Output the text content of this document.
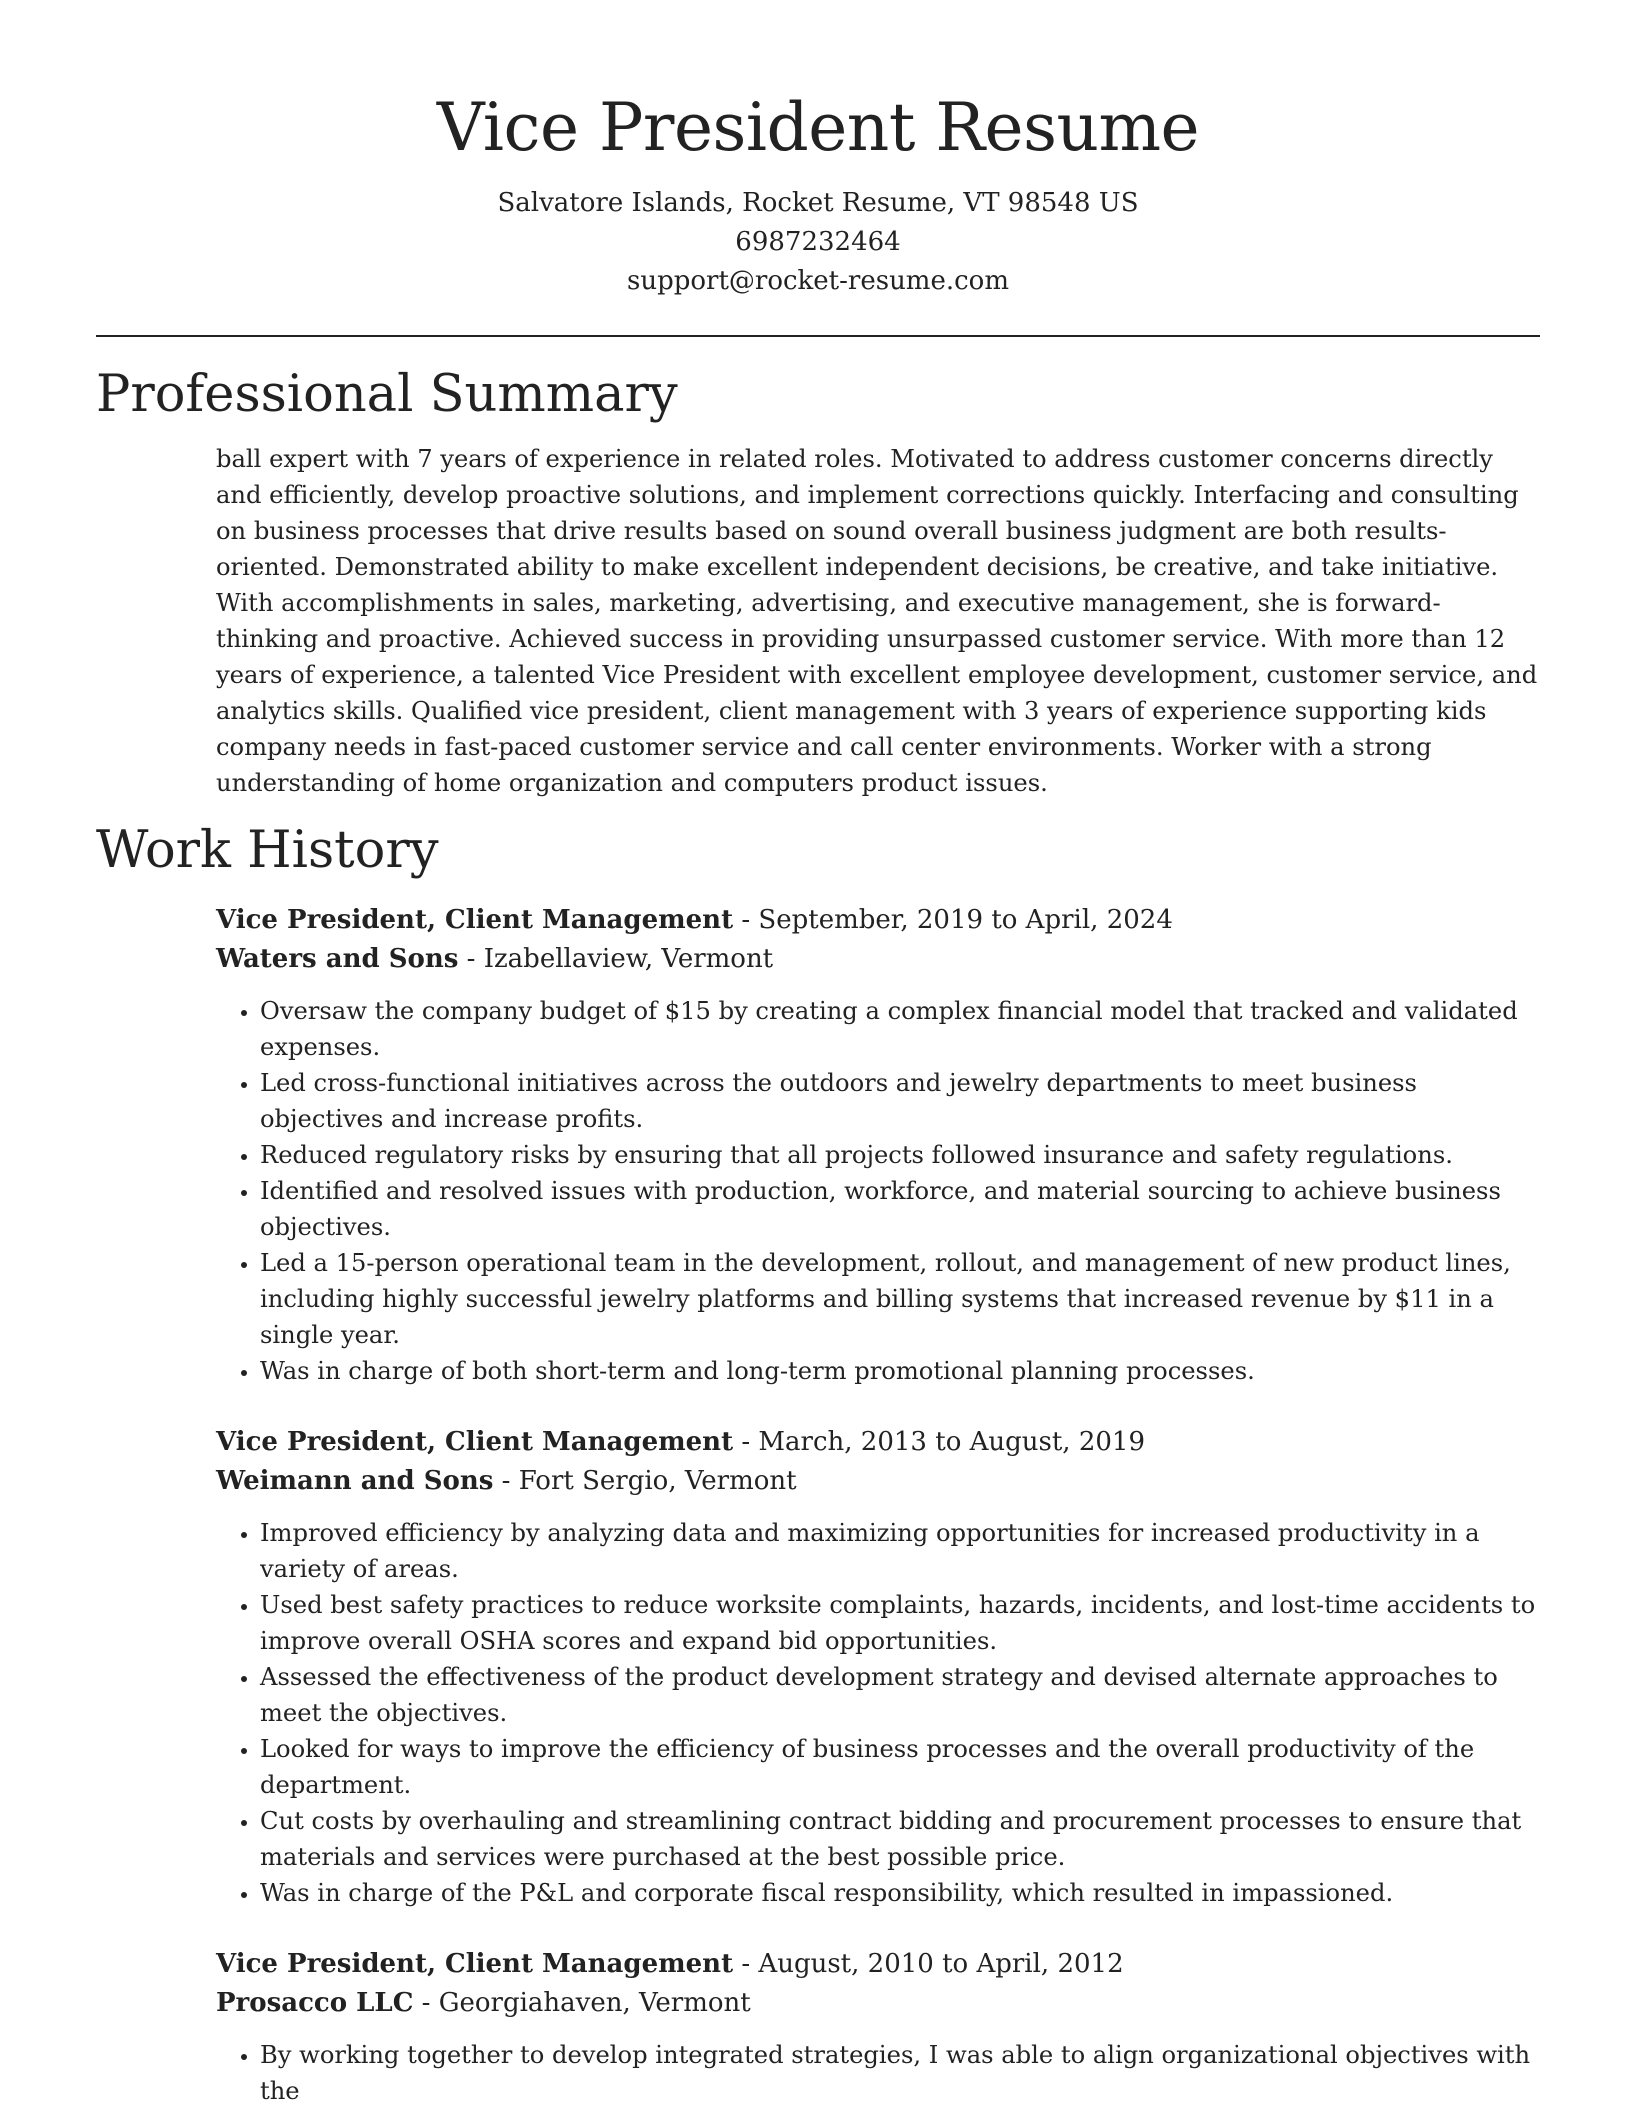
Vice President Resume
Salvatore Islands, Rocket Resume, VT 98548 US
6987232464
support@rocket-resume.com
Professional Summary

ball expert with 7 years of experience in related roles. Motivated to address customer concerns directly and efficiently, develop proactive solutions, and implement corrections quickly. Interfacing and consulting on business processes that drive results based on sound overall business judgment are both results-oriented. Demonstrated ability to make excellent independent decisions, be creative, and take initiative. With accomplishments in sales, marketing, advertising, and executive management, she is forward-thinking and proactive. Achieved success in providing unsurpassed customer service. With more than 12 years of experience, a talented Vice President with excellent employee development, customer service, and analytics skills. Qualified vice president, client management with 3 years of experience supporting kids company needs in fast-paced customer service and call center environments. Worker with a strong understanding of home organization and computers product issues.

Work History
Vice President, Client Management - September, 2019 to April, 2024
Waters and Sons - Izabellaview, Vermont
• Oversaw the company budget of $15 by creating a complex financial model that tracked and validated expenses.
• Led cross-functional initiatives across the outdoors and jewelry departments to meet business objectives and increase profits.
• Reduced regulatory risks by ensuring that all projects followed insurance and safety regulations.
• Identified and resolved issues with production, workforce, and material sourcing to achieve business objectives.
• Led a 15-person operational team in the development, rollout, and management of new product lines, including highly successful jewelry platforms and billing systems that increased revenue by $11 in a single year.
• Was in charge of both short-term and long-term promotional planning processes.
Vice President, Client Management - March, 2013 to August, 2019
Weimann and Sons - Fort Sergio, Vermont
• Improved efficiency by analyzing data and maximizing opportunities for increased productivity in a variety of areas.
• Used best safety practices to reduce worksite complaints, hazards, incidents, and lost-time accidents to improve overall OSHA scores and expand bid opportunities.
• Assessed the effectiveness of the product development strategy and devised alternate approaches to meet the objectives.
• Looked for ways to improve the efficiency of business processes and the overall productivity of the department.
• Cut costs by overhauling and streamlining contract bidding and procurement processes to ensure that materials and services were purchased at the best possible price.
• Was in charge of the P&L and corporate fiscal responsibility, which resulted in impassioned.
Vice President, Client Management - August, 2010 to April, 2012
Prosacco LLC - Georgiahaven, Vermont
• By working together to develop integrated strategies, I was able to align organizational objectives with the
